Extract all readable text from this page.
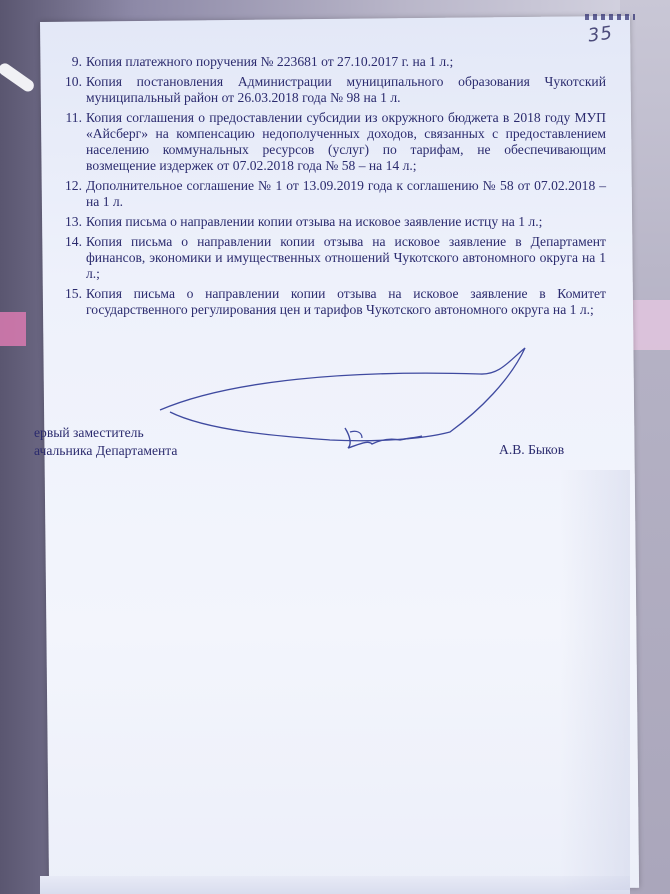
35
9. Копия платежного поручения № 223681 от 27.10.2017 г. на 1 л.;
10. Копия постановления Администрации муниципального образования Чукотский муниципальный район от 26.03.2018 года № 98 на 1 л.
11. Копия соглашения о предоставлении субсидии из окружного бюджета в 2018 году МУП «Айсберг» на компенсацию недополученных доходов, связанных с предоставлением населению коммунальных ресурсов (услуг) по тарифам, не обеспечивающим возмещение издержек от 07.02.2018 года № 58 – на 14 л.;
12. Дополнительное соглашение № 1 от 13.09.2019 года к соглашению № 58 от 07.02.2018 – на 1 л.
13. Копия письма о направлении копии отзыва на исковое заявление истцу на 1 л.;
14. Копия письма о направлении копии отзыва на исковое заявление в Департамент финансов, экономики и имущественных отношений Чукотского автономного округа на 1 л.;
15. Копия письма о направлении копии отзыва на исковое заявление в Комитет государственного регулирования цен и тарифов Чукотского автономного округа на 1 л.;

ервый заместитель

ачальника Департамента	А.В. Быков
